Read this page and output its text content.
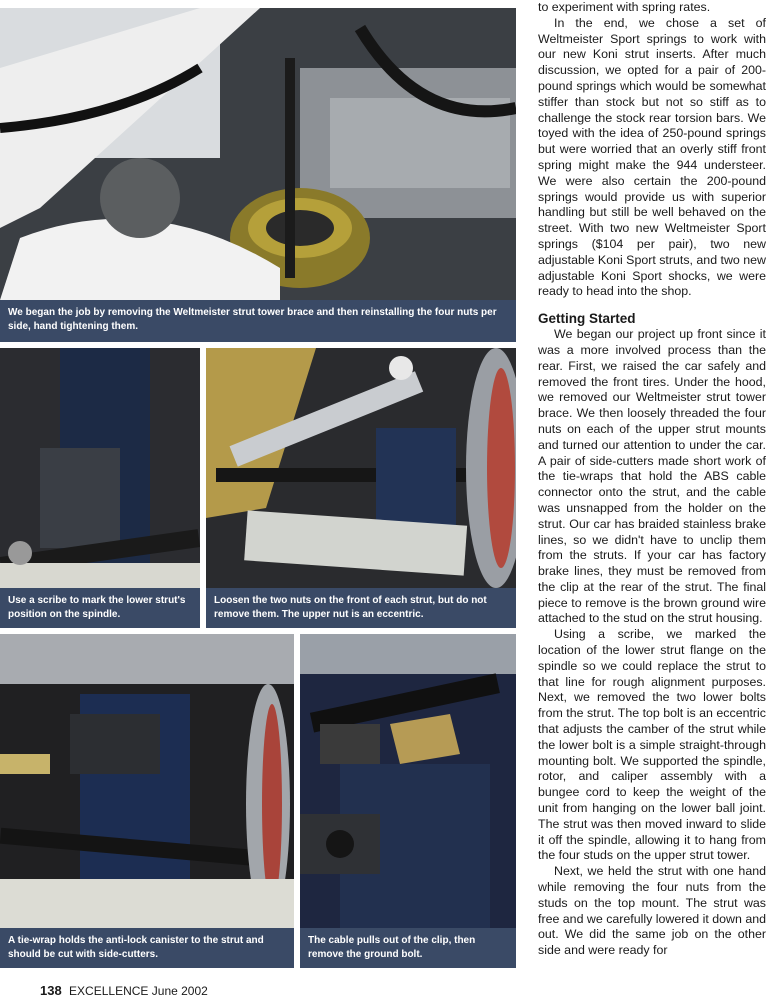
We began the job by removing the Weltmeister strut tower brace and then reinstalling the four nuts per side, hand tightening them.
Use a scribe to mark the lower strut's position on the spindle.
Loosen the two nuts on the front of each strut, but do not remove them. The upper nut is an eccentric.
A tie-wrap holds the anti-lock canister to the strut and should be cut with side-cutters.
The cable pulls out of the clip, then remove the ground bolt.

to experiment with spring rates.

In the end, we chose a set of Weltmeister Sport springs to work with our new Koni strut inserts. After much discussion, we opted for a pair of 200-pound springs which would be somewhat stiffer than stock but not so stiff as to challenge the stock rear torsion bars. We toyed with the idea of 250-pound springs but were worried that an overly stiff front spring might make the 944 understeer. We were also certain the 200-pound springs would provide us with superior handling but still be well behaved on the street. With two new Weltmeister Sport springs ($104 per pair), two new adjustable Koni Sport struts, and two new adjustable Koni Sport shocks, we were ready to head into the shop.

Getting Started

We began our project up front since it was a more involved process than the rear. First, we raised the car safely and removed the front tires. Under the hood, we removed our Weltmeister strut tower brace. We then loosely threaded the four nuts on each of the upper strut mounts and turned our attention to under the car. A pair of side-cutters made short work of the tie-wraps that hold the ABS cable connector onto the strut, and the cable was unsnapped from the holder on the strut. Our car has braided stainless brake lines, so we didn't have to unclip them from the struts. If your car has factory brake lines, they must be removed from the clip at the rear of the strut. The final piece to remove is the brown ground wire attached to the stud on the strut housing.

Using a scribe, we marked the location of the lower strut flange on the spindle so we could replace the strut to that line for rough alignment purposes. Next, we removed the two lower bolts from the strut. The top bolt is an eccentric that adjusts the camber of the strut while the lower bolt is a simple straight-through mounting bolt. We supported the spindle, rotor, and caliper assembly with a bungee cord to keep the weight of the unit from hanging on the lower ball joint. The strut was then moved inward to slide it off the spindle, allowing it to hang from the four studs on the upper strut tower.

Next, we held the strut with one hand while removing the four nuts from the studs on the top mount. The strut was free and we carefully lowered it down and out. We did the same job on the other side and were ready for

138 EXCELLENCE June 2002
